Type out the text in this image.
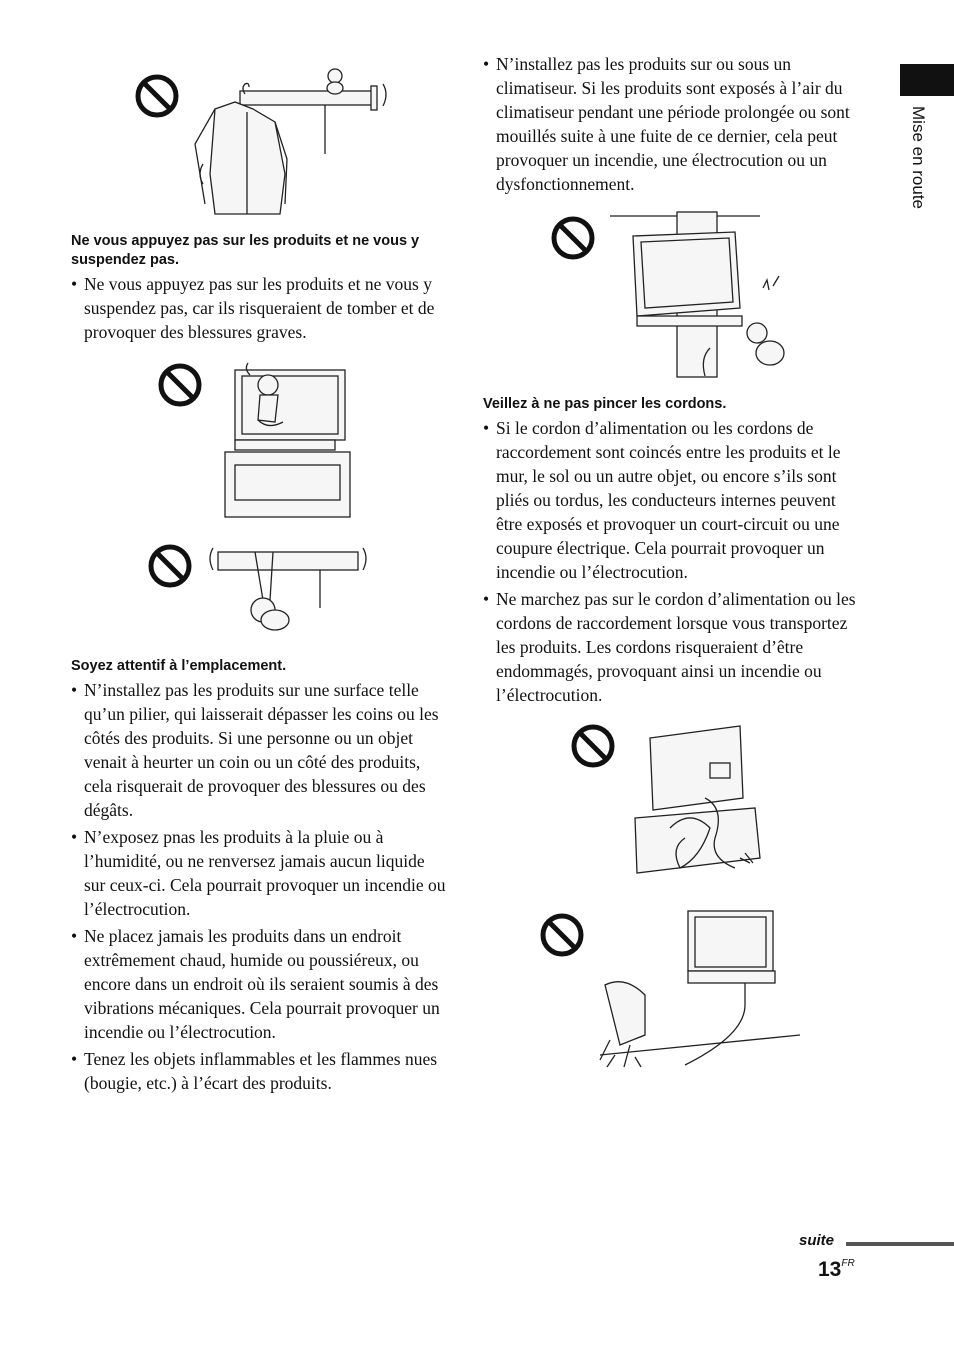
Mise en route
Ne vous appuyez pas sur les produits et ne vous y suspendez pas.
• Ne vous appuyez pas sur les produits et ne vous y suspendez pas, car ils risqueraient de tomber et de provoquer des blessures graves.
Soyez attentif à l’emplacement.
• N’installez pas les produits sur une surface telle qu’un pilier, qui laisserait dépasser les coins ou les côtés des produits. Si une personne ou un objet venait à heurter un coin ou un côté des produits, cela risquerait de provoquer des blessures ou des dégâts.
• N’exposez pnas les produits à la pluie ou à l’humidité, ou ne renversez jamais aucun liquide sur ceux-ci. Cela pourrait provoquer un incendie ou l’électrocution.
• Ne placez jamais les produits dans un endroit extrêmement chaud, humide ou poussiéreux, ou encore dans un endroit où ils seraient soumis à des vibrations mécaniques. Cela pourrait provoquer un incendie ou l’électrocution.
• Tenez les objets inflammables et les flammes nues (bougie, etc.) à l’écart des produits.
• N’installez pas les produits sur ou sous un climatiseur. Si les produits sont exposés à l’air du climatiseur pendant une période prolongée ou sont mouillés suite à une fuite de ce dernier, cela peut provoquer un incendie, une électrocution ou un dysfonctionnement.
Veillez à ne pas pincer les cordons.
• Si le cordon d’alimentation ou les cordons de raccordement sont coincés entre les produits et le mur, le sol ou un autre objet, ou encore s’ils sont pliés ou tordus, les conducteurs internes peuvent être exposés et provoquer un court-circuit ou une coupure électrique. Cela pourrait provoquer un incendie ou l’électrocution.
• Ne marchez pas sur le cordon d’alimentation ou les cordons de raccordement lorsque vous transportez les produits. Les cordons risqueraient d’être endommagés, provoquant ainsi un incendie ou l’électrocution.
suite
$13^{FR}$
